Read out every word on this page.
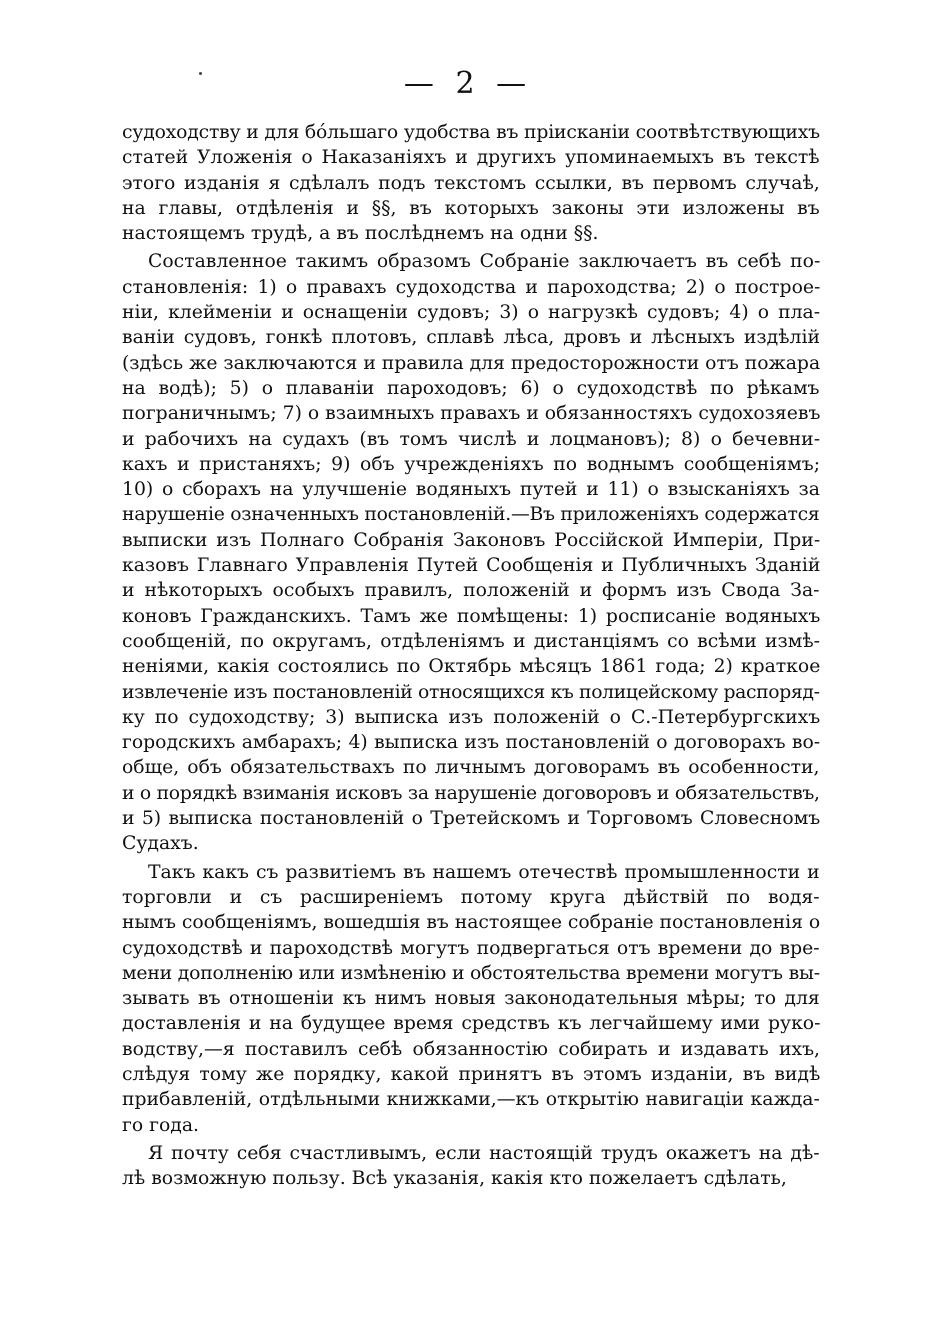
— 2 —
судоходству и для бóльшаго удобства въ прiисканiи соотвѣтствующихъ
статей Уложенiя о Наказанiяхъ и другихъ упоминаемыхъ въ текстѣ
этого изданiя я сдѣлалъ подъ текстомъ ссылки, въ первомъ случаѣ,
на главы, отдѣленiя и §§, въ которыхъ законы эти изложены въ
настоящемъ трудѣ, а въ послѣднемъ на одни §§.
Составленное такимъ образомъ Собранiе заключаетъ въ себѣ по-
становленiя: 1) о правахъ судоходства и пароходства; 2) о построе-
нiи, клейменiи и оснащенiи судовъ; 3) о нагрузкѣ судовъ; 4) о пла-
ванiи судовъ, гонкѣ плотовъ, сплавѣ лѣса, дровъ и лѣсныхъ издѣлiй
(здѣсь же заключаются и правила для предосторожности отъ пожара
на водѣ); 5) о плаванiи пароходовъ; 6) о судоходствѣ по рѣкамъ
пограничнымъ; 7) о взаимныхъ правахъ и обязанностяхъ судохозяевъ
и рабочихъ на судахъ (въ томъ числѣ и лоцмановъ); 8) о бечевни-
кахъ и пристаняхъ; 9) объ учрежденiяхъ по воднымъ сообщенiямъ;
10) о сборахъ на улучшенiе водяныхъ путей и 11) о взысканiяхъ за
нарушенiе означенныхъ постановленiй.—Въ приложенiяхъ содержатся
выписки изъ Полнаго Собранiя Законовъ Россiйской Имперiи, При-
казовъ Главнаго Управленiя Путей Сообщенiя и Публичныхъ Зданiй
и нѣкоторыхъ особыхъ правилъ, положенiй и формъ изъ Свода За-
коновъ Гражданскихъ. Тамъ же помѣщены: 1) росписанiе водяныхъ
сообщенiй, по округамъ, отдѣленiямъ и дистанцiямъ со всѣми измѣ-
ненiями, какiя состоялись по Октябрь мѣсяцъ 1861 года; 2) краткое
извлеченiе изъ постановленiй относящихся къ полицейскому распоряд-
ку по судоходству; 3) выписка изъ положенiй о С.-Петербургскихъ
городскихъ амбарахъ; 4) выписка изъ постановленiй о договорахъ во-
обще, объ обязательствахъ по личнымъ договорамъ въ особенности,
и о порядкѣ взиманiя исковъ за нарушенiе договоровъ и обязательствъ,
и 5) выписка постановленiй о Третейскомъ и Торговомъ Словесномъ
Судахъ.
Такъ какъ съ развитiемъ въ нашемъ отечествѣ промышленности и
торговли и съ расширенiемъ потому круга дѣйствiй по водя-
нымъ сообщенiямъ, вошедшiя въ настоящее собранiе постановленiя о
судоходствѣ и пароходствѣ могутъ подвергаться отъ времени до вре-
мени дополненiю или измѣненiю и обстоятельства времени могутъ вы-
зывать въ отношенiи къ нимъ новыя законодательныя мѣры; то для
доставленiя и на будущее время средствъ къ легчайшему ими руко-
водству,—я поставилъ себѣ обязанностiю собирать и издавать ихъ,
слѣдуя тому же порядку, какой принятъ въ этомъ изданiи, въ видѣ
прибавленiй, отдѣльными книжками,—къ открытiю навигацiи кажда-
го года.
Я почту себя счастливымъ, если настоящiй трудъ окажетъ на дѣ-
лѣ возможную пользу. Всѣ указанiя, какiя кто пожелаетъ сдѣлать,
